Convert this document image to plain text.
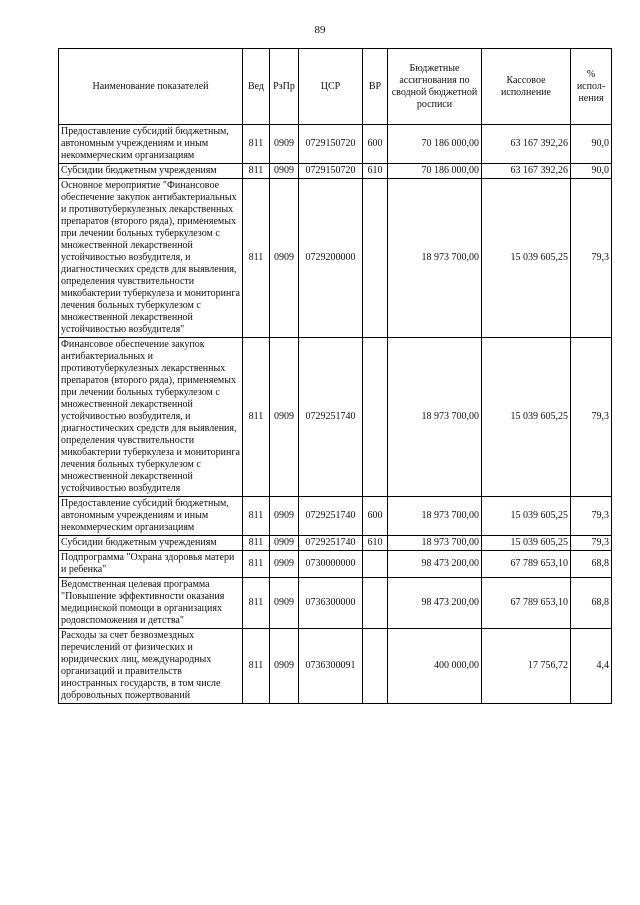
89
Наименование показателей	Вед	РзПр	ЦСР	ВР	Бюджетные ассигнования по сводной бюджетной росписи	Кассовое исполнение	% испол-нения
Предоставление субсидий бюджетным, автономным учреждениям и иным некоммерческим организациям	811	0909	0729150720	600	70 186 000,00	63 167 392,26	90,0
Субсидии бюджетным учреждениям	811	0909	0729150720	610	70 186 000,00	63 167 392,26	90,0
Основное мероприятие "Финансовое обеспечение закупок антибактериальных и противотуберкулезных лекарственных препаратов (второго ряда), применяемых при лечении больных туберкулезом с множественной лекарственной устойчивостью возбудителя, и диагностических средств для выявления, определения чувствительности микобактерии туберкулеза и мониторинга лечения больных туберкулезом с множественной лекарственной устойчивостью возбудителя"	811	0909	0729200000		18 973 700,00	15 039 605,25	79,3
Финансовое обеспечение закупок антибактериальных и противотуберкулезных лекарственных препаратов (второго ряда), применяемых при лечении больных туберкулезом с множественной лекарственной устойчивостью возбудителя, и диагностических средств для выявления, определения чувствительности микобактерии туберкулеза и мониторинга лечения больных туберкулезом с множественной лекарственной устойчивостью возбудителя	811	0909	0729251740		18 973 700,00	15 039 605,25	79,3
Предоставление субсидий бюджетным, автономным учреждениям и иным некоммерческим организациям	811	0909	0729251740	600	18 973 700,00	15 039 605,25	79,3
Субсидии бюджетным учреждениям	811	0909	0729251740	610	18 973 700,00	15 039 605,25	79,3
Подпрограмма "Охрана здоровья матери и ребенка"	811	0909	0730000000		98 473 200,00	67 789 653,10	68,8
Ведомственная целевая программа "Повышение эффективности оказания медицинской помощи в организациях родовспоможения и детства"	811	0909	0736300000		98 473 200,00	67 789 653,10	68,8
Расходы за счет безвозмездных перечислений от физических и юридических лиц, международных организаций и правительств иностранных государств, в том числе добровольных пожертвований	811	0909	0736300091		400 000,00	17 756,72	4,4
